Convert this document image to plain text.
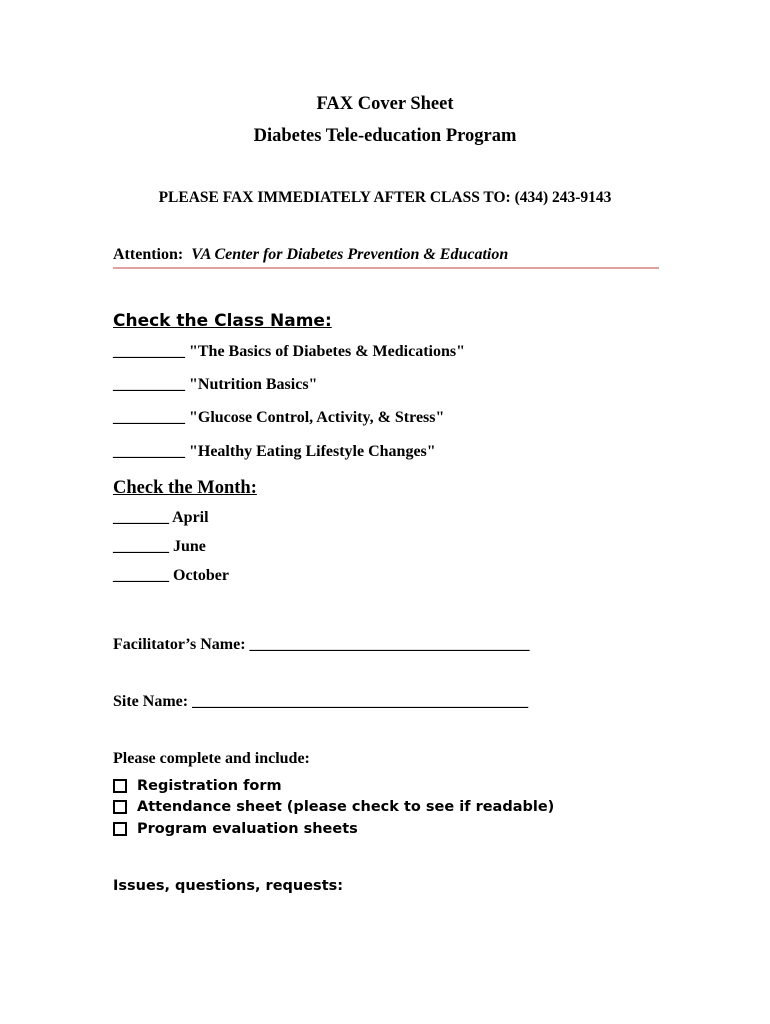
FAX Cover Sheet
Diabetes Tele-education Program
PLEASE FAX IMMEDIATELY AFTER CLASS TO: (434) 243-9143
Attention: VA Center for Diabetes Prevention & Education
Check the Class Name:
_________ "The Basics of Diabetes & Medications"
_________ "Nutrition Basics"
_________ "Glucose Control, Activity, & Stress"
_________ "Healthy Eating Lifestyle Changes"
Check the Month:
_______ April
_______ June
_______ October
Facilitator’s Name: ___________________________________
Site Name: __________________________________________
Please complete and include:
Registration form
Attendance sheet (please check to see if readable)
Program evaluation sheets
Issues, questions, requests:
